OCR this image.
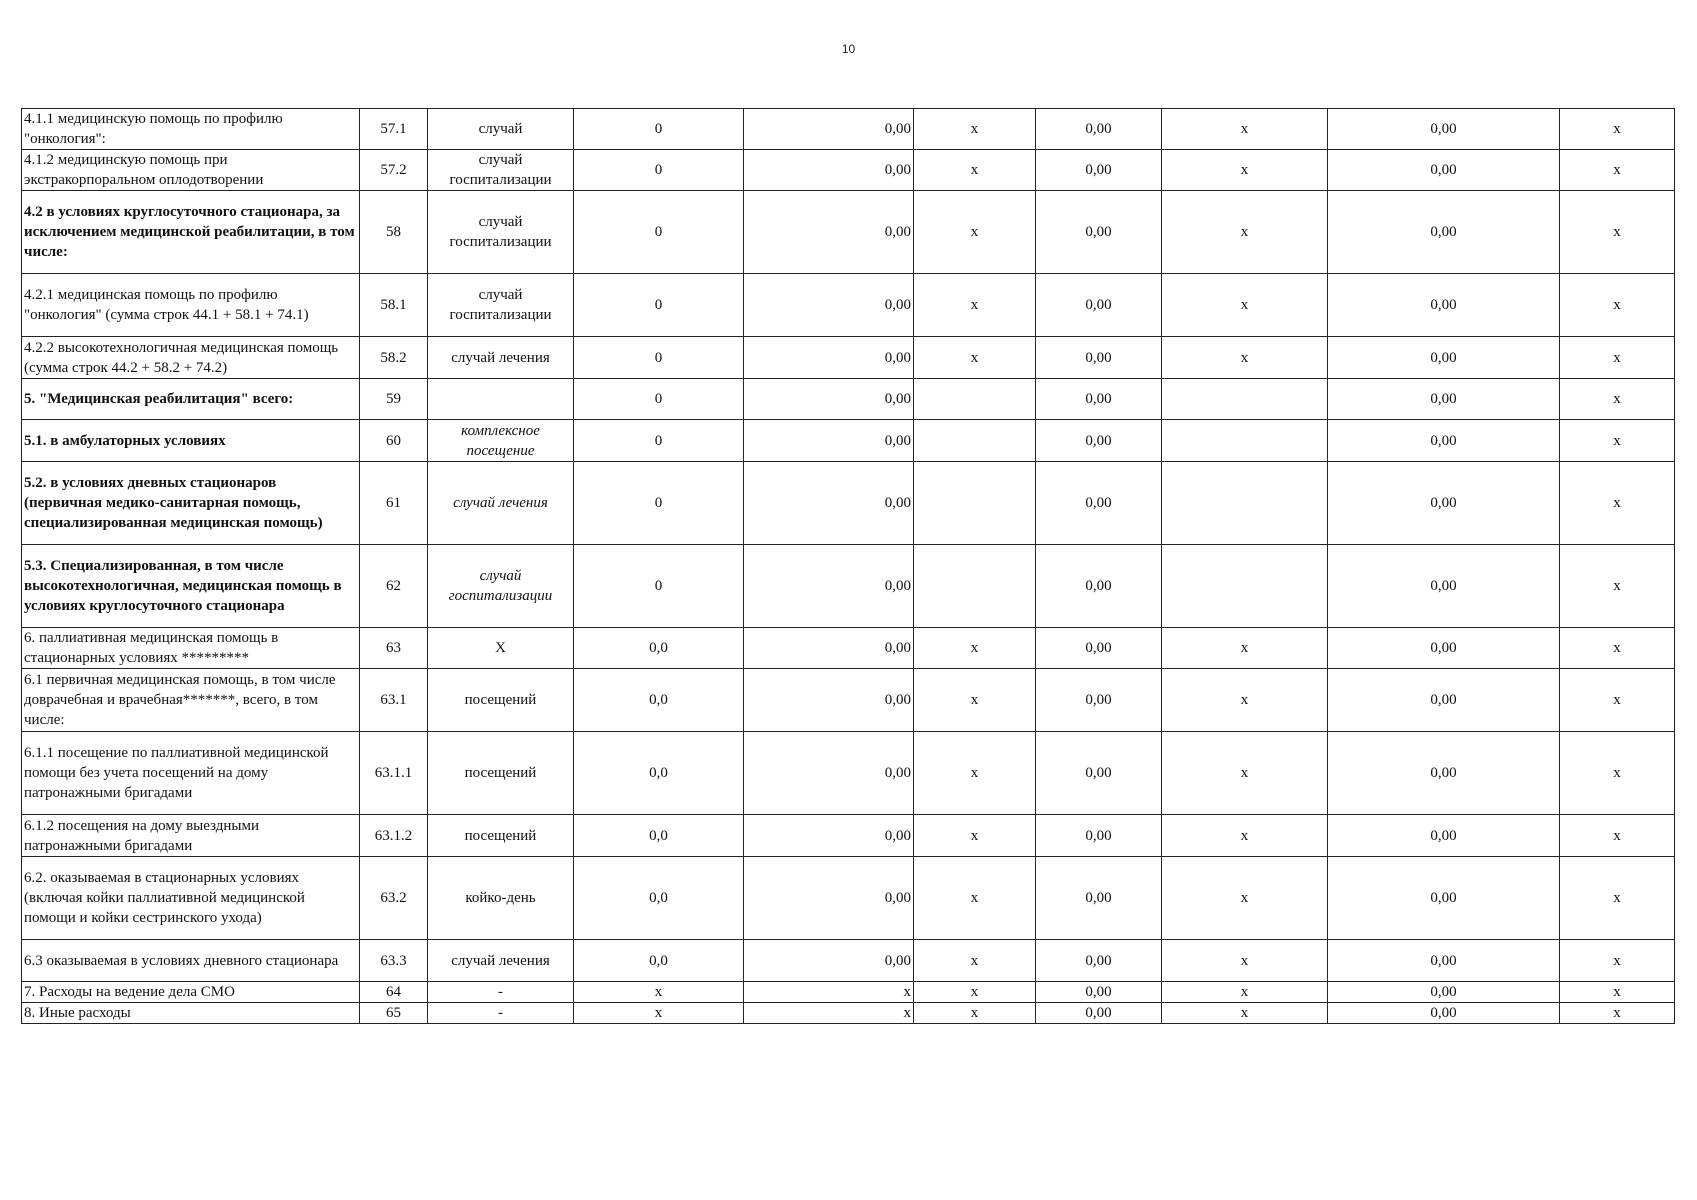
10
4.1.1 медицинскую помощь по профилю "онкология":	57.1	случай	0	0,00	x	0,00	x	0,00	x
4.1.2 медицинскую помощь при экстракорпоральном оплодотворении	57.2	случай госпитализации	0	0,00	x	0,00	x	0,00	x
4.2 в условиях круглосуточного стационара, за исключением медицинской реабилитации, в том числе:	58	случай госпитализации	0	0,00	x	0,00	x	0,00	x
4.2.1 медицинская помощь по профилю "онкология" (сумма строк 44.1 + 58.1 + 74.1)	58.1	случай госпитализации	0	0,00	x	0,00	x	0,00	x
4.2.2 высокотехнологичная медицинская помощь (сумма строк 44.2 + 58.2 + 74.2)	58.2	случай лечения	0	0,00	x	0,00	x	0,00	x
5. "Медицинская реабилитация" всего:	59		0	0,00		0,00		0,00	x
5.1. в амбулаторных условиях	60	комплексное посещение	0	0,00		0,00		0,00	x
5.2. в условиях дневных стационаров (первичная медико-санитарная помощь, специализированная медицинская помощь)	61	случай лечения	0	0,00		0,00		0,00	x
5.3. Специализированная, в том числе высокотехнологичная, медицинская помощь в условиях круглосуточного стационара	62	случай госпитализации	0	0,00		0,00		0,00	x
6. паллиативная медицинская помощь в стационарных условиях *********	63	X	0,0	0,00	x	0,00	x	0,00	x
6.1 первичная медицинская помощь, в том числе доврачебная и врачебная*******, всего, в том числе:	63.1	посещений	0,0	0,00	x	0,00	x	0,00	x
6.1.1 посещение по паллиативной медицинской помощи без учета посещений на дому патронажными бригадами	63.1.1	посещений	0,0	0,00	x	0,00	x	0,00	x
6.1.2 посещения на дому выездными патронажными бригадами	63.1.2	посещений	0,0	0,00	x	0,00	x	0,00	x
6.2. оказываемая в стационарных условиях (включая койки паллиативной медицинской помощи и койки сестринского ухода)	63.2	койко-день	0,0	0,00	x	0,00	x	0,00	x
6.3 оказываемая в условиях дневного стационара	63.3	случай лечения	0,0	0,00	x	0,00	x	0,00	x
7. Расходы на ведение дела СМО	64	-	x	x	x	0,00	x	0,00	x
8. Иные расходы	65	-	x	x	x	0,00	x	0,00	x
